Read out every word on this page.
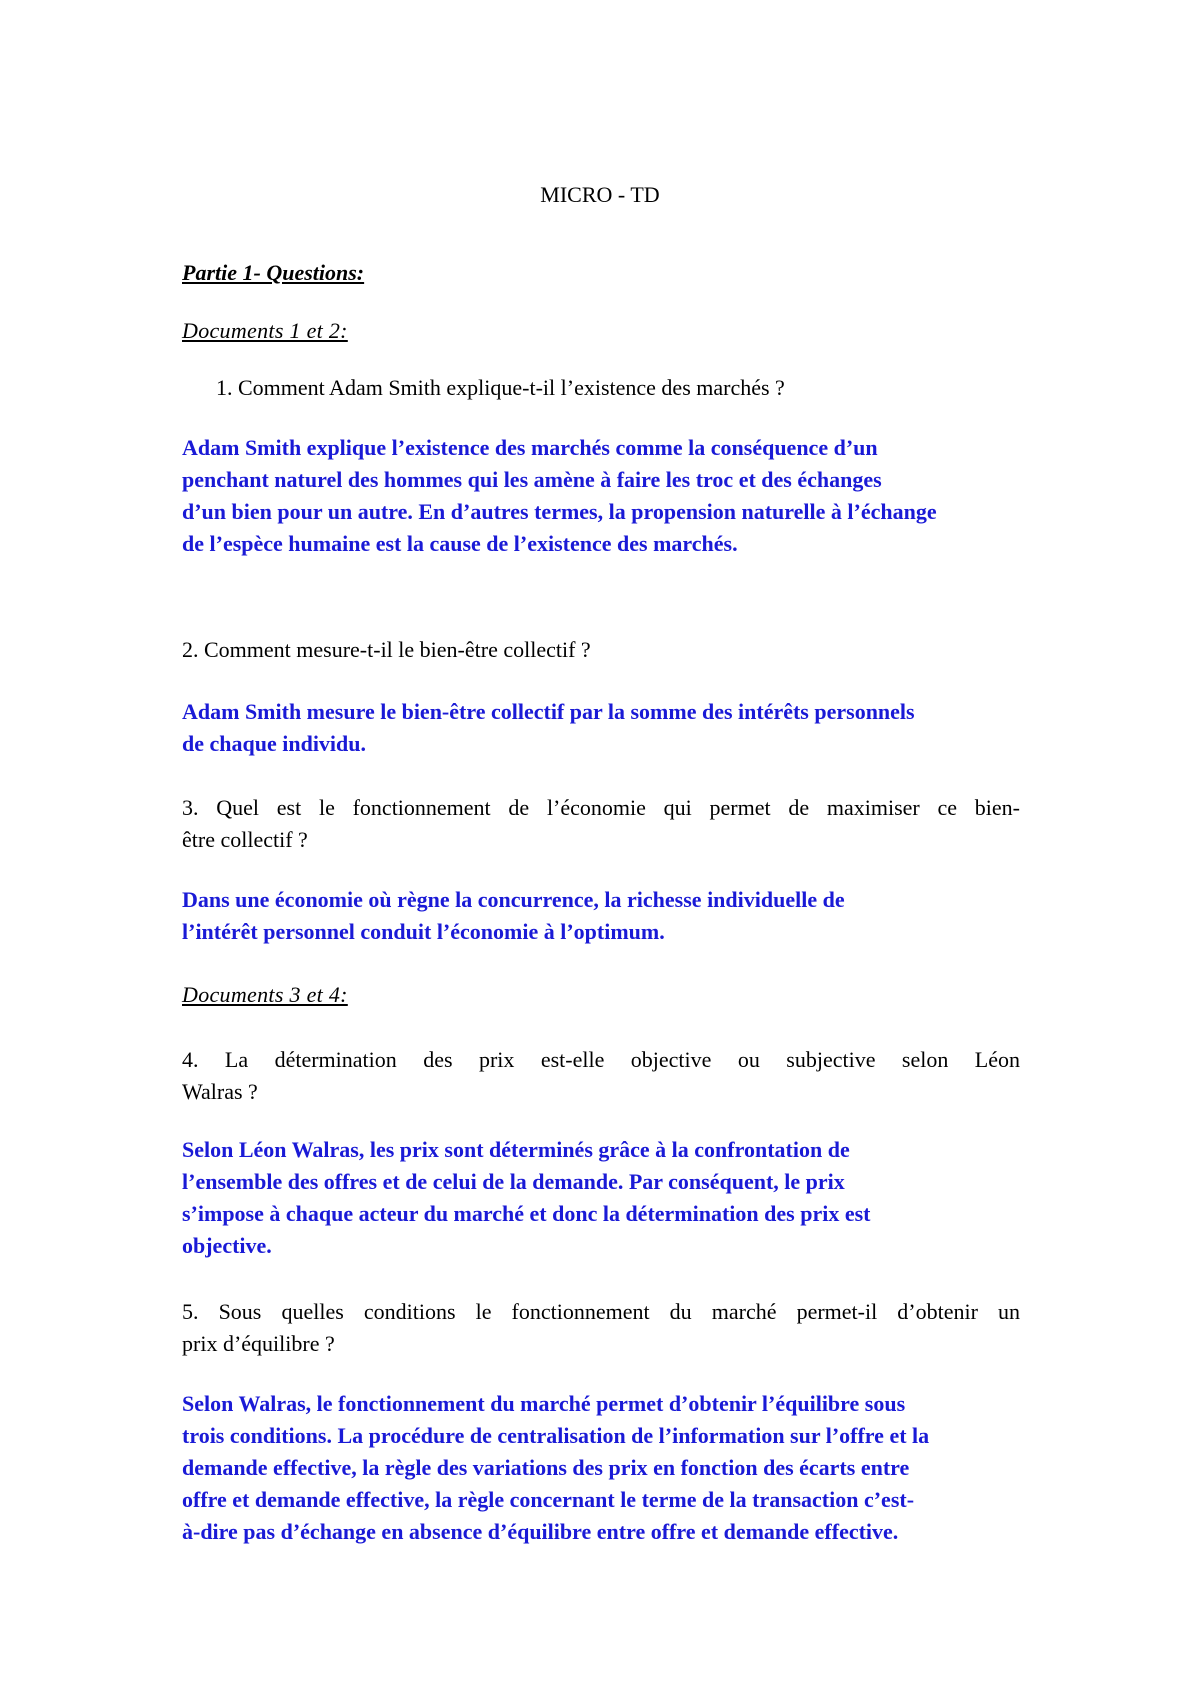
MICRO - TD
Partie 1- Questions:
Documents 1 et 2:
1. Comment Adam Smith explique-t-il l’existence des marchés ?
Adam Smith explique l’existence des marchés comme la conséquence d’un
penchant naturel des hommes qui les amène à faire les troc et des échanges
d’un bien pour un autre. En d’autres termes, la propension naturelle à l’échange
de l’espèce humaine est la cause de l’existence des marchés.
2. Comment mesure-t-il le bien-être collectif ?
Adam Smith mesure le bien-être collectif par la somme des intérêts personnels
de chaque individu.
3. Quel est le fonctionnement de l’économie qui permet de maximiser ce bien-
être collectif ?
Dans une économie où règne la concurrence, la richesse individuelle de
l’intérêt personnel conduit l’économie à l’optimum.
Documents 3 et 4:
4. La détermination des prix est-elle objective ou subjective selon Léon
Walras ?
Selon Léon Walras, les prix sont déterminés grâce à la confrontation de
l’ensemble des offres et de celui de la demande. Par conséquent, le prix
s’impose à chaque acteur du marché et donc la détermination des prix est
objective.
5. Sous quelles conditions le fonctionnement du marché permet-il d’obtenir un
prix d’équilibre ?
Selon Walras, le fonctionnement du marché permet d’obtenir l’équilibre sous
trois conditions. La procédure de centralisation de l’information sur l’offre et la
demande effective, la règle des variations des prix en fonction des écarts entre
offre et demande effective, la règle concernant le terme de la transaction c’est-
à-dire pas d’échange en absence d’équilibre entre offre et demande effective.
